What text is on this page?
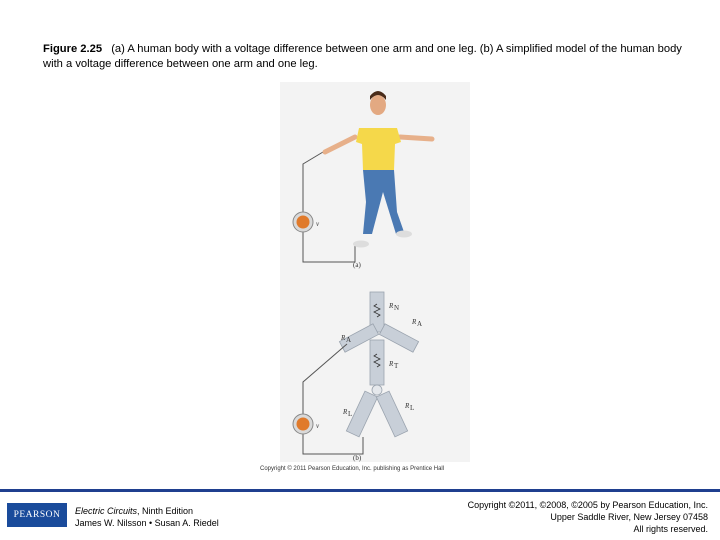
Figure 2.25 (a) A human body with a voltage difference between one arm and one leg. (b) A simplified model of the human body with a voltage difference between one arm and one leg.
v
(a)
v
R N
R A
R A
R T
R L
R L
(b)
Copyright © 2011 Pearson Education, Inc. publishing as Prentice Hall
PEARSON	Electric Circuits, Ninth Edition
James W. Nilsson • Susan A. Riedel
Copyright ©2011, ©2008, ©2005 by Pearson Education, Inc.
Upper Saddle River, New Jersey 07458
All rights reserved.
